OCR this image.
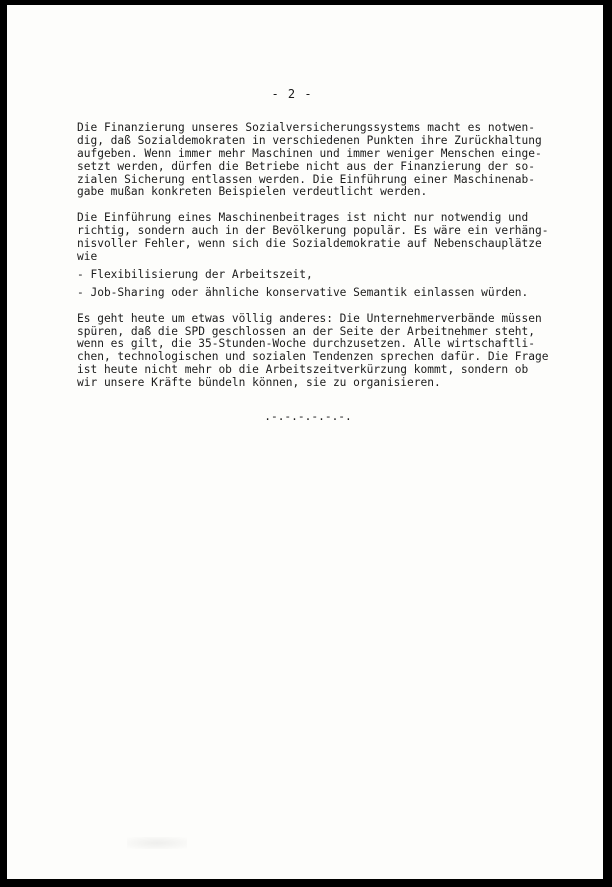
- 2 -
Die Finanzierung unseres Sozialversicherungssystems macht es notwen-
dig, daß Sozialdemokraten in verschiedenen Punkten ihre Zurückhaltung
aufgeben. Wenn immer mehr Maschinen und immer weniger Menschen einge-
setzt werden, dürfen die Betriebe nicht aus der Finanzierung der so-
zialen Sicherung entlassen werden. Die Einführung einer Maschinenab-
gabe mußan konkreten Beispielen verdeutlicht werden.
Die Einführung eines Maschinenbeitrages ist nicht nur notwendig und
richtig, sondern auch in der Bevölkerung populär. Es wäre ein verhäng-
nisvoller Fehler, wenn sich die Sozialdemokratie auf Nebenschauplätze
wie
- Flexibilisierung der Arbeitszeit,
- Job-Sharing oder ähnliche konservative Semantik einlassen würden.
Es geht heute um etwas völlig anderes: Die Unternehmerverbände müssen
spüren, daß die SPD geschlossen an der Seite der Arbeitnehmer steht,
wenn es gilt, die 35-Stunden-Woche durchzusetzen. Alle wirtschaftli-
chen, technologischen und sozialen Tendenzen sprechen dafür. Die Frage
ist heute nicht mehr ob die Arbeitszeitverkürzung kommt, sondern ob
wir unsere Kräfte bündeln können, sie zu organisieren.
.-.-.-.-.-.-.
